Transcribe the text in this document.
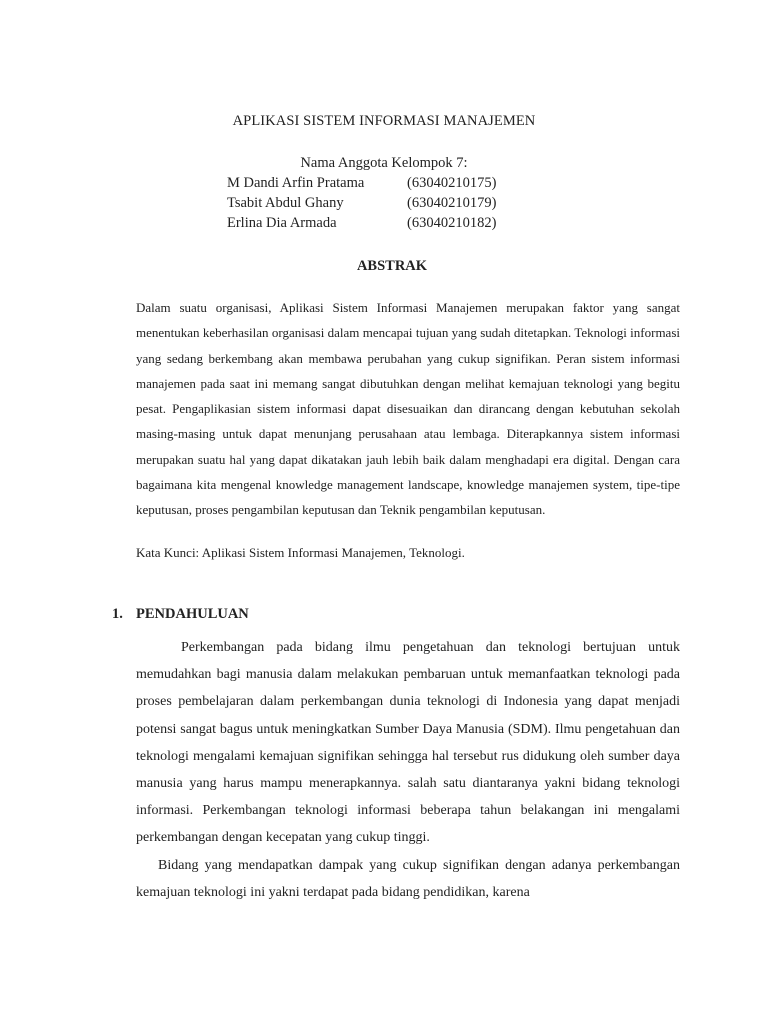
APLIKASI SISTEM INFORMASI MANAJEMEN
Nama Anggota Kelompok 7:
M Dandi Arfin Pratama	(63040210175)
Tsabit Abdul Ghany	(63040210179)
Erlina Dia Armada	(63040210182)
ABSTRAK

Dalam suatu organisasi, Aplikasi Sistem Informasi Manajemen merupakan faktor yang sangat menentukan keberhasilan organisasi dalam mencapai tujuan yang sudah ditetapkan. Teknologi informasi yang sedang berkembang akan membawa perubahan yang cukup signifikan. Peran sistem informasi manajemen pada saat ini memang sangat dibutuhkan dengan melihat kemajuan teknologi yang begitu pesat. Pengaplikasian sistem informasi dapat disesuaikan dan dirancang dengan kebutuhan sekolah masing-masing untuk dapat menunjang perusahaan atau lembaga. Diterapkannya sistem informasi merupakan suatu hal yang dapat dikatakan jauh lebih baik dalam menghadapi era digital. Dengan cara bagaimana kita mengenal knowledge management landscape, knowledge manajemen system, tipe-tipe keputusan, proses pengambilan keputusan dan Teknik pengambilan keputusan.

Kata Kunci: Aplikasi Sistem Informasi Manajemen, Teknologi.
1. PENDAHULUAN

Perkembangan pada bidang ilmu pengetahuan dan teknologi bertujuan untuk memudahkan bagi manusia dalam melakukan pembaruan untuk memanfaatkan teknologi pada proses pembelajaran dalam perkembangan dunia teknologi di Indonesia yang dapat menjadi potensi sangat bagus untuk meningkatkan Sumber Daya Manusia (SDM). Ilmu pengetahuan dan teknologi mengalami kemajuan signifikan sehingga hal tersebut rus didukung oleh sumber daya manusia yang harus mampu menerapkannya. salah satu diantaranya yakni bidang teknologi informasi. Perkembangan teknologi informasi beberapa tahun belakangan ini mengalami perkembangan dengan kecepatan yang cukup tinggi.

Bidang yang mendapatkan dampak yang cukup signifikan dengan adanya perkembangan kemajuan teknologi ini yakni terdapat pada bidang pendidikan, karena
